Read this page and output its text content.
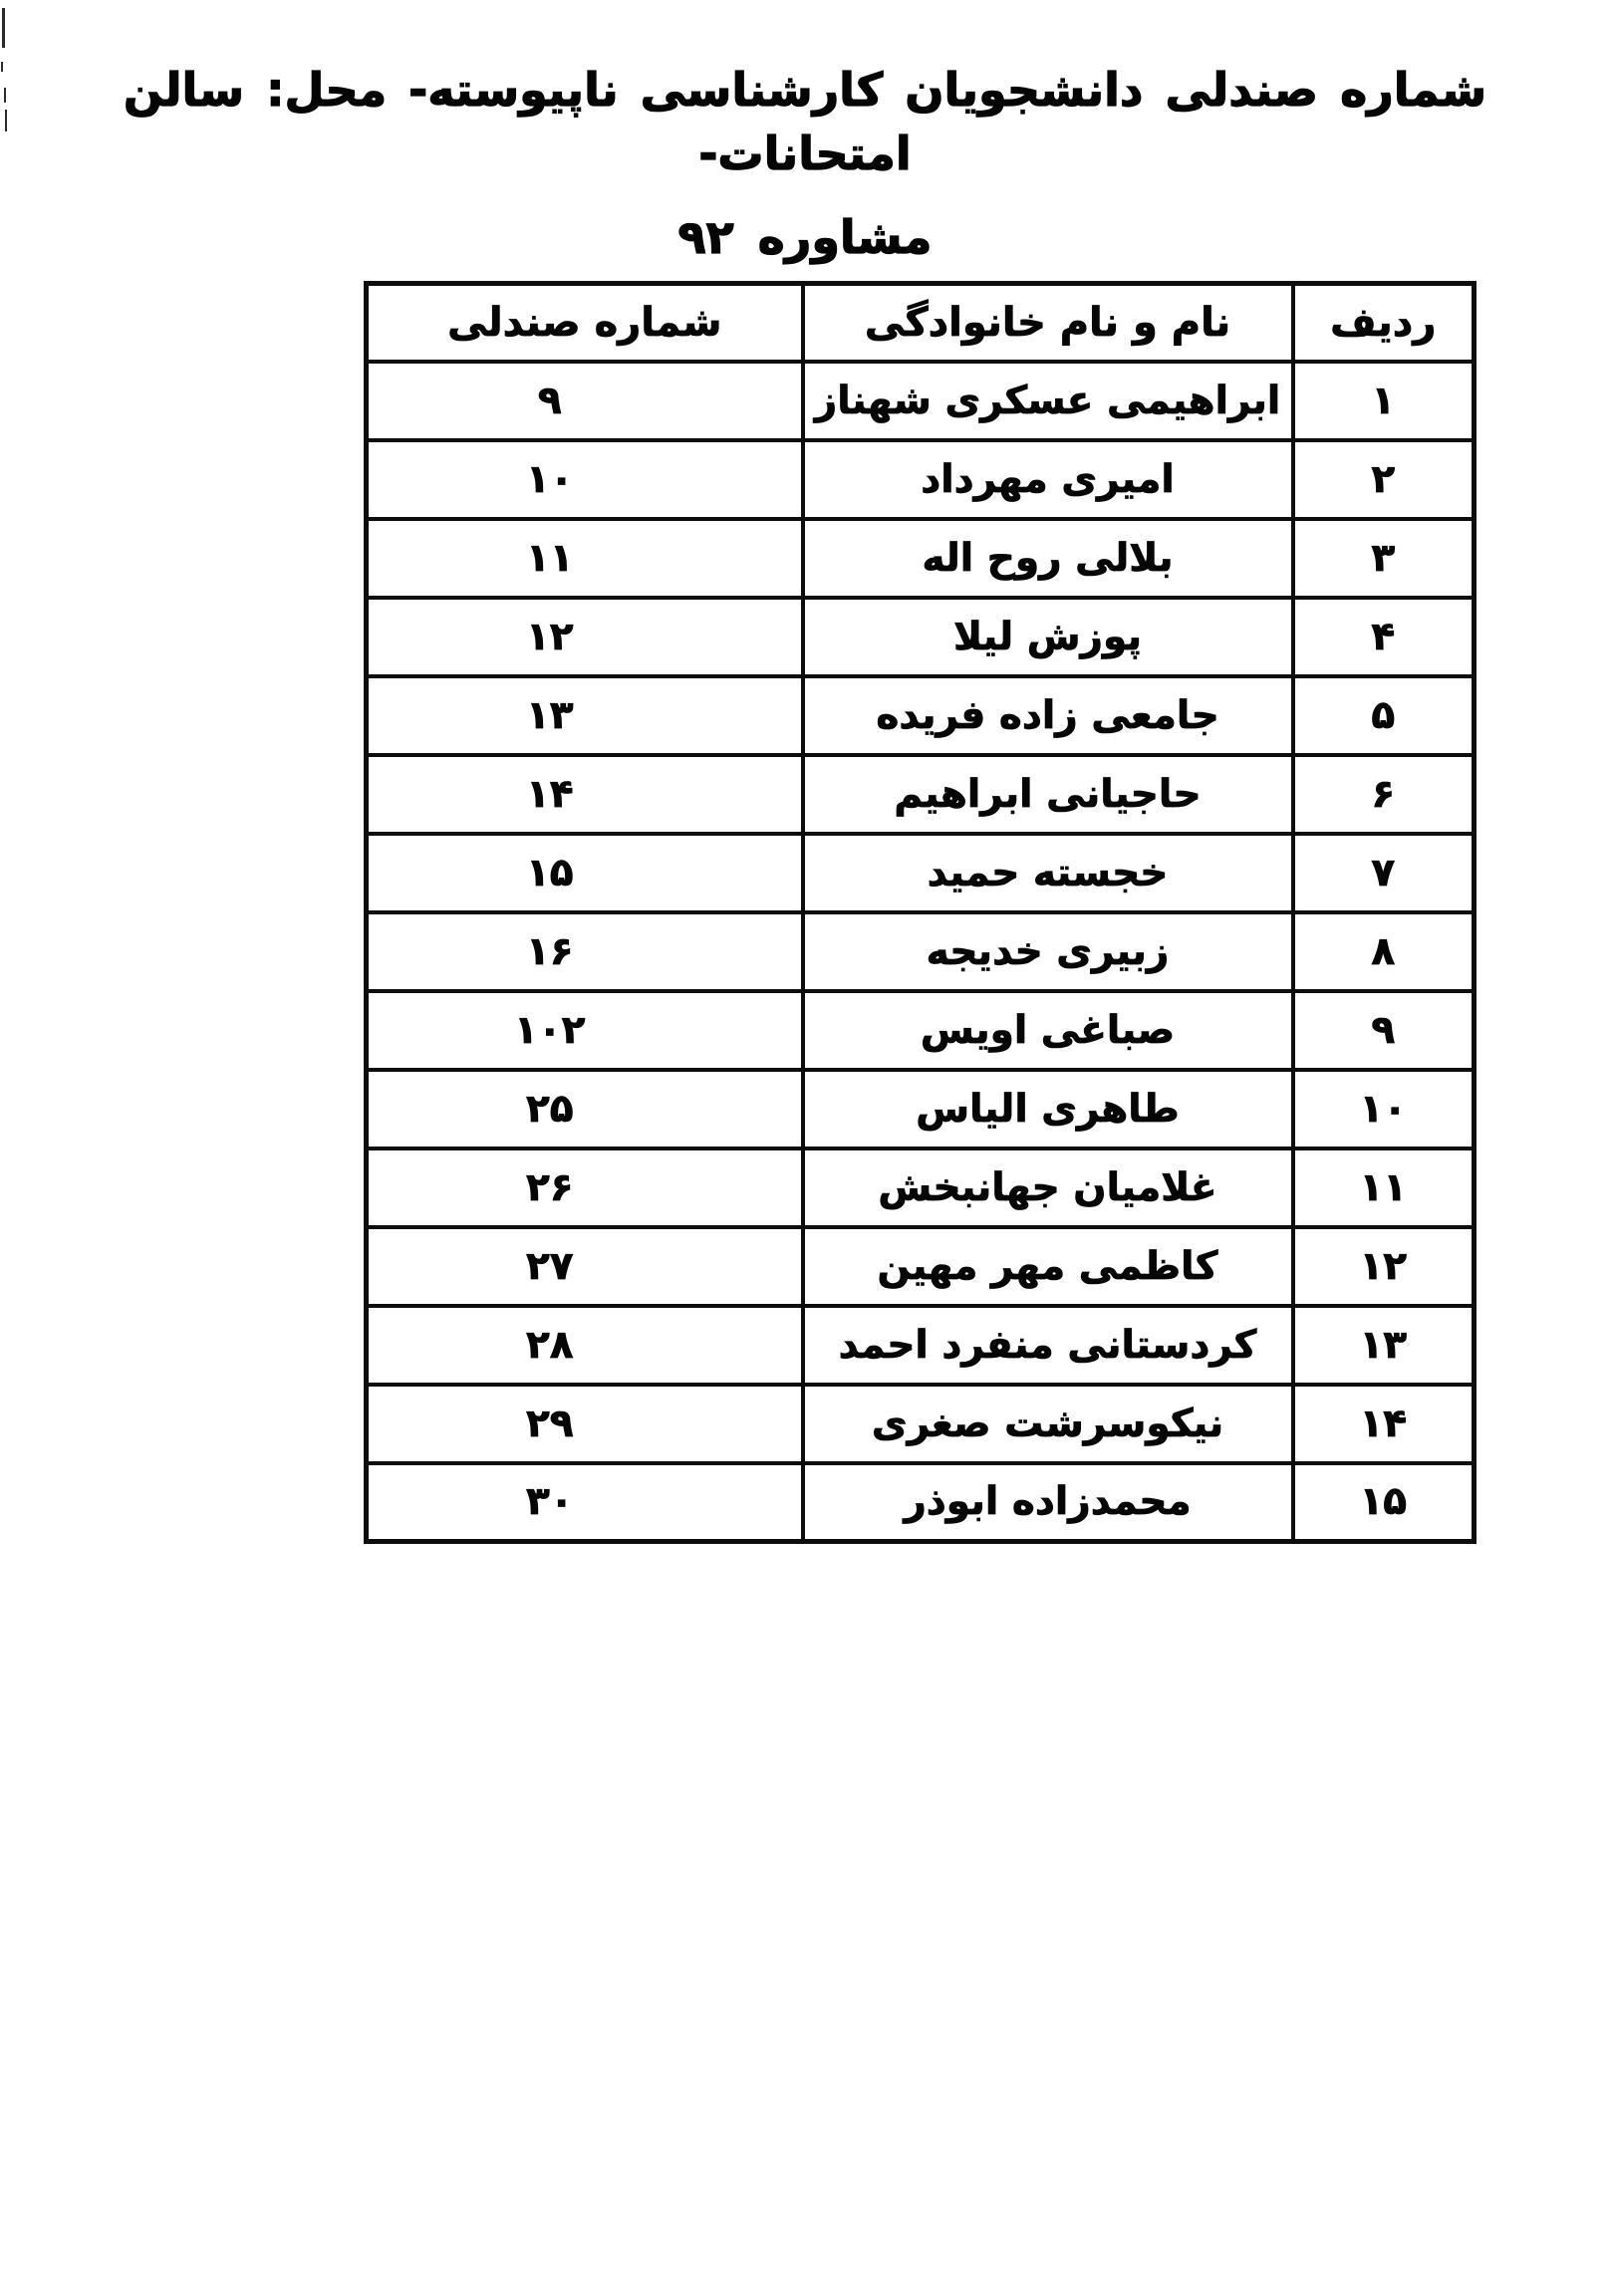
شماره صندلی دانشجویان کارشناسی ناپیوسته- محل: سالن امتحانات-
مشاوره ۹۲
ردیف	نام و نام خانوادگی	شماره صندلی
۱	ابراهیمی عسکری شهناز	۹
۲	امیری مهرداد	۱۰
۳	بلالی روح اله	۱۱
۴	پوزش لیلا	۱۲
۵	جامعی زاده فریده	۱۳
۶	حاجیانی ابراهیم	۱۴
۷	خجسته حمید	۱۵
۸	زبیری خدیجه	۱۶
۹	صباغی اویس	۱۰۲
۱۰	طاهری الیاس	۲۵
۱۱	غلامیان جهانبخش	۲۶
۱۲	کاظمی مهر مهین	۲۷
۱۳	کردستانی منفرد احمد	۲۸
۱۴	نیکوسرشت صغری	۲۹
۱۵	محمدزاده ابوذر	۳۰
